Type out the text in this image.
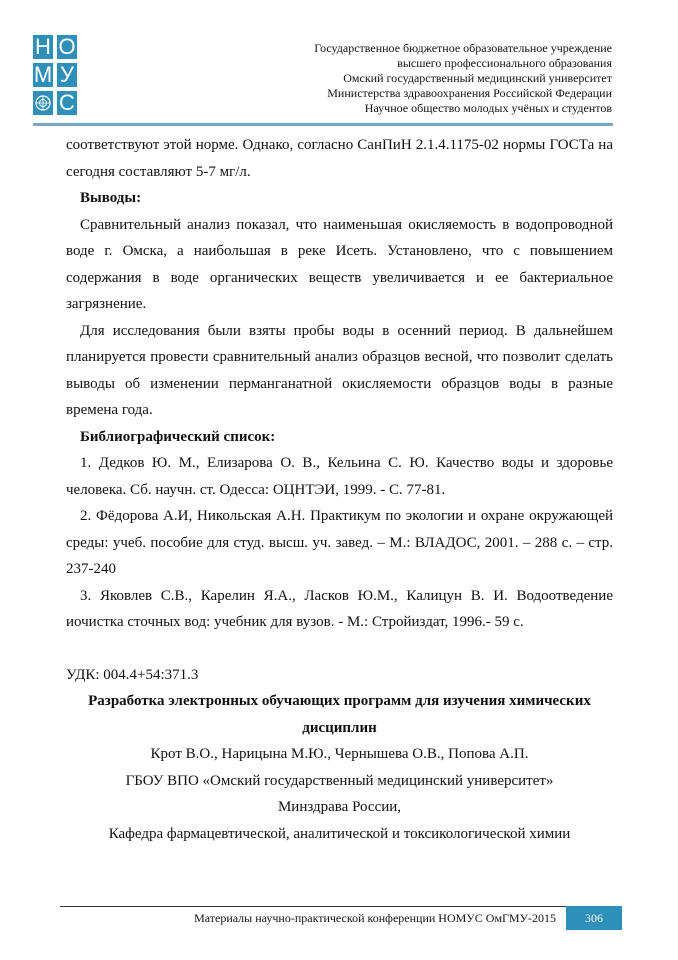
Н О
М У
С
Государственное бюджетное образовательное учреждение
высшего профессионального образования
Омский государственный медицинский университет
Министерства здравоохранения Российской Федерации
Научное общество молодых учёных и студентов

соответствуют этой норме. Однако, согласно СанПиН 2.1.4.1175-02 нормы ГОСТа на сегодня составляют 5-7 мг/л.

Выводы:

Сравнительный анализ показал, что наименьшая окисляемость в водопроводной воде г. Омска, а наибольшая в реке Исеть. Установлено, что с повышением содержания в воде органических веществ увеличивается и ее бактериальное загрязнение.

Для исследования были взяты пробы воды в осенний период. В дальнейшем планируется провести сравнительный анализ образцов весной, что позволит сделать выводы об изменении перманганатной окисляемости образцов воды в разные времена года.

Библиографический список:

1. Дедков Ю. М., Елизарова О. В., Кельина С. Ю. Качество воды и здоровье человека. Сб. научн. ст. Одесса: ОЦНТЭИ, 1999. - С. 77-81.

2. Фёдорова А.И, Никольская А.Н. Практикум по экологии и охране окружающей среды: учеб. пособие для студ. высш. уч. завед. – М.: ВЛАДОС, 2001. – 288 с. – стр. 237-240

3. Яковлев С.В., Карелин Я.А., Ласков Ю.М., Калицун В. И. Водоотведение иочистка сточных вод: учебник для вузов. - М.: Стройиздат, 1996.- 59 с.

УДК: 004.4+54:371.3

Разработка электронных обучающих программ для изучения химических дисциплин

Крот В.О., Нарицына М.Ю., Чернышева О.В., Попова А.П.

ГБОУ ВПО «Омский государственный медицинский университет»

Минздрава России,

Кафедра фармацевтической, аналитической и токсикологической химии

Материалы научно-практической конференции НОМУС ОмГМУ-2015	306
